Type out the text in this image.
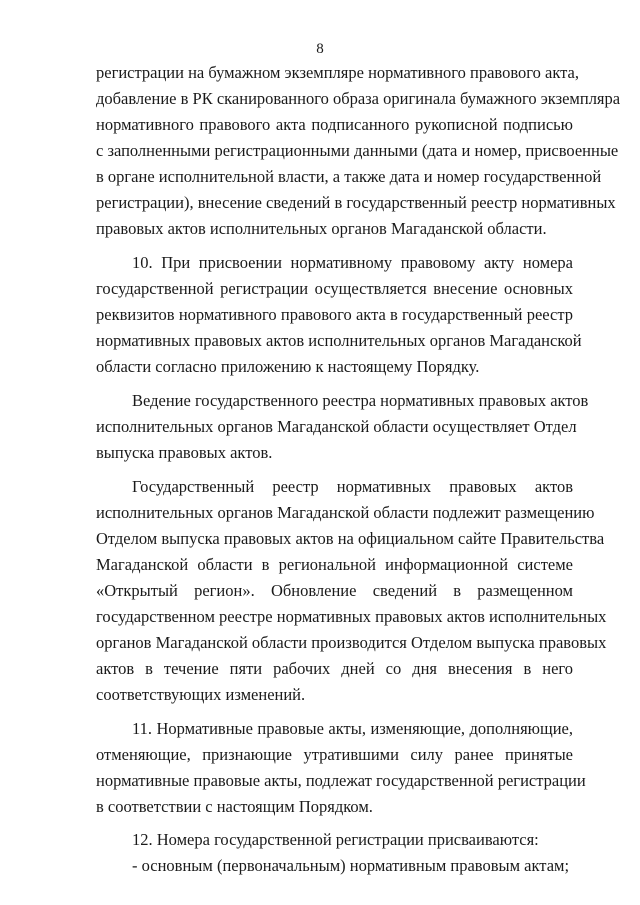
8
регистрации на бумажном экземпляре нормативного правового акта,
добавление в РК сканированного образа оригинала бумажного экземпляра
нормативного правового акта подписанного рукописной подписью
с заполненными регистрационными данными (дата и номер, присвоенные
в органе исполнительной власти, а также дата и номер государственной
регистрации), внесение сведений в государственный реестр нормативных
правовых актов исполнительных органов Магаданской области.
10. При присвоении нормативному правовому акту номера
государственной регистрации осуществляется внесение основных
реквизитов нормативного правового акта в государственный реестр
нормативных правовых актов исполнительных органов Магаданской
области согласно приложению к настоящему Порядку.
Ведение государственного реестра нормативных правовых актов
исполнительных органов Магаданской области осуществляет Отдел
выпуска правовых актов.
Государственный реестр нормативных правовых актов
исполнительных органов Магаданской области подлежит размещению
Отделом выпуска правовых актов на официальном сайте Правительства
Магаданской области в региональной информационной системе
«Открытый регион». Обновление сведений в размещенном
государственном реестре нормативных правовых актов исполнительных
органов Магаданской области производится Отделом выпуска правовых
актов в течение пяти рабочих дней со дня внесения в него
соответствующих изменений.
11. Нормативные правовые акты, изменяющие, дополняющие,
отменяющие, признающие утратившими силу ранее принятые
нормативные правовые акты, подлежат государственной регистрации
в соответствии с настоящим Порядком.
12. Номера государственной регистрации присваиваются:
- основным (первоначальным) нормативным правовым актам;
